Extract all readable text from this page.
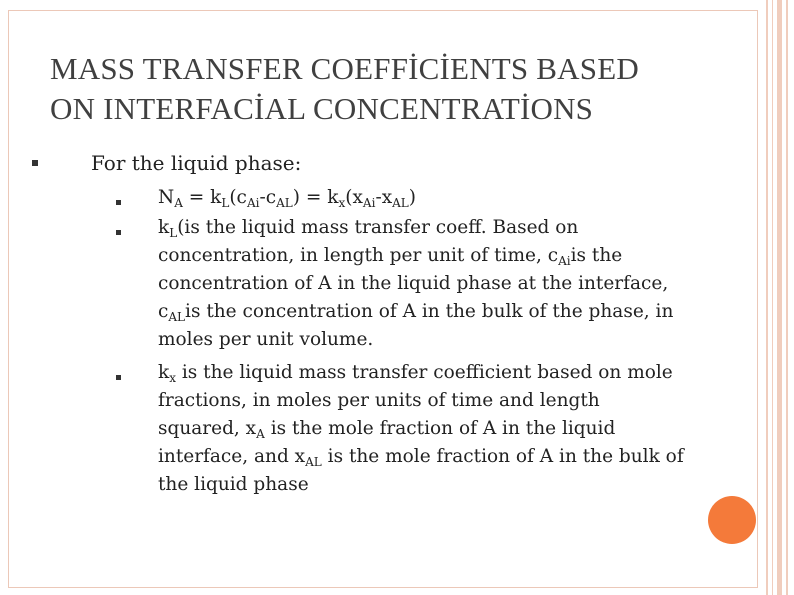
MASS TRANSFER COEFFİCİENTS BASED
ON INTERFACİAL CONCENTRATİONS
For the liquid phase:
$N_A = k_L(c_{Ai}-c_{AL}) = k_x(x_{Ai}-x_{AL})$
$k_L(is$ the liquid mass transfer coeff. Based on
concentration, in length per unit of time, $c_{Ai}is$ the
concentration of A in the liquid phase at the interface,
$c_{AL}is$ the concentration of A in the bulk of the phase, in
moles per unit volume.
$k_x$ is the liquid mass transfer coefficient based on mole
fractions, in moles per units of time and length
squared, $x_A$ is the mole fraction of A in the liquid
interface, and $x_{AL}$ is the mole fraction of A in the bulk of
the liquid phase
